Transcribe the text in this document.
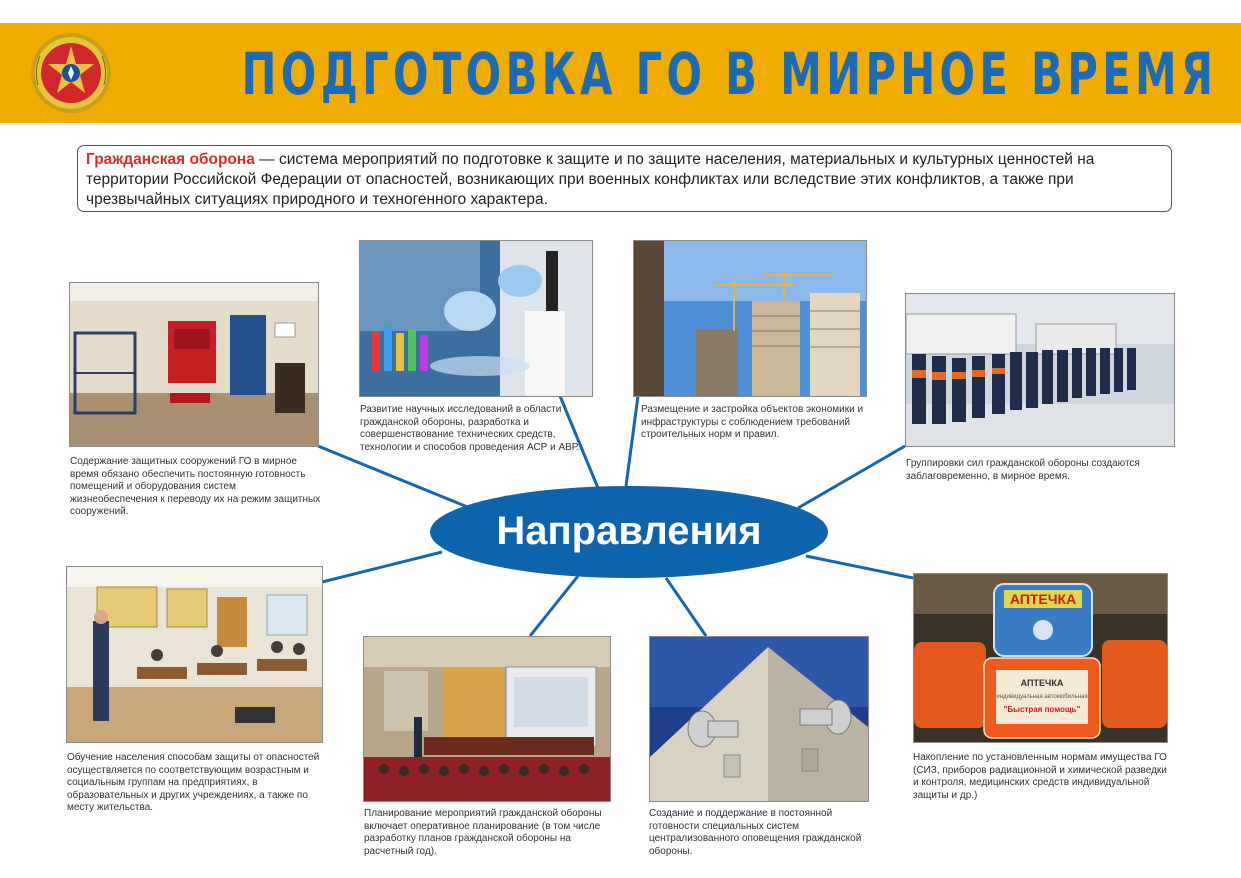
ПОДГОТОВКА ГО В МИРНОЕ ВРЕМЯ
Гражданская оборона — система мероприятий по подготовке к защите и по защите населения, материальных и культурных ценностей на территории Российской Федерации от опасностей, возникающих при военных конфликтах или вследствие этих конфликтов, а также при чрезвычайных ситуациях природного и техногенного характера.
Направления
Содержание защитных сооружений ГО в мирное время обязано обеспечить постоянную готовность помещений и оборудования систем жизнеобеспечения к переводу их на режим защитных сооружений.
Развитие научных исследований в области гражданской обороны, разработка и совершенствование технических средств, технологии и способов проведения АСР и АВР.
Размещение и застройка объектов экономики и инфраструктуры с соблюдением требований строительных норм и правил.
Группировки сил гражданской обороны создаются заблаговременно, в мирное время.
Обучение населения способам защиты от опасностей осуществляется по соответствующим возрастным и социальным группам на предприятиях, в образовательных и других учреждениях, а также по месту жительства.
Планирование мероприятий гражданской обороны включает оперативное планирование (в том числе разработку планов гражданской обороны на расчетный год).
Создание и поддержание в постоянной готовности специальных систем централизованного оповещения гражданской обороны.
АПТЕЧКА
АПТЕЧКА
индивидуальная автомобильная
"Быстрая помощь"
Накопление по установленным нормам имущества ГО (СИЗ, приборов радиационной и химической разведки и контроля, медицинских средств индивидуальной защиты и др.)
